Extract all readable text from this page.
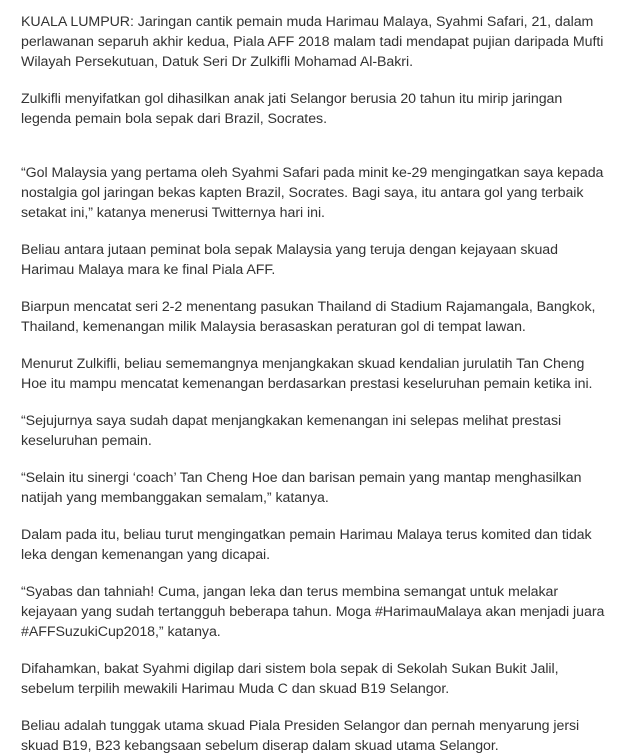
KUALA LUMPUR: Jaringan cantik pemain muda Harimau Malaya, Syahmi Safari, 21, dalam
perlawanan separuh akhir kedua, Piala AFF 2018 malam tadi mendapat pujian daripada Mufti
Wilayah Persekutuan, Datuk Seri Dr Zulkifli Mohamad Al-Bakri.

Zulkifli menyifatkan gol dihasilkan anak jati Selangor berusia 20 tahun itu mirip jaringan
legenda pemain bola sepak dari Brazil, Socrates.

“Gol Malaysia yang pertama oleh Syahmi Safari pada minit ke-29 mengingatkan saya kepada
nostalgia gol jaringan bekas kapten Brazil, Socrates. Bagi saya, itu antara gol yang terbaik
setakat ini,” katanya menerusi Twitternya hari ini.

Beliau antara jutaan peminat bola sepak Malaysia yang teruja dengan kejayaan skuad
Harimau Malaya mara ke final Piala AFF.

Biarpun mencatat seri 2-2 menentang pasukan Thailand di Stadium Rajamangala, Bangkok,
Thailand, kemenangan milik Malaysia berasaskan peraturan gol di tempat lawan.

Menurut Zulkifli, beliau sememangnya menjangkakan skuad kendalian jurulatih Tan Cheng
Hoe itu mampu mencatat kemenangan berdasarkan prestasi keseluruhan pemain ketika ini.

“Sejujurnya saya sudah dapat menjangkakan kemenangan ini selepas melihat prestasi
keseluruhan pemain.

“Selain itu sinergi ‘coach’ Tan Cheng Hoe dan barisan pemain yang mantap menghasilkan
natijah yang membanggakan semalam,” katanya.

Dalam pada itu, beliau turut mengingatkan pemain Harimau Malaya terus komited dan tidak
leka dengan kemenangan yang dicapai.

“Syabas dan tahniah! Cuma, jangan leka dan terus membina semangat untuk melakar
kejayaan yang sudah tertangguh beberapa tahun. Moga #HarimauMalaya akan menjadi juara
#AFFSuzukiCup2018,” katanya.

Difahamkan, bakat Syahmi digilap dari sistem bola sepak di Sekolah Sukan Bukit Jalil,
sebelum terpilih mewakili Harimau Muda C dan skuad B19 Selangor.

Beliau adalah tunggak utama skuad Piala Presiden Selangor dan pernah menyarung jersi
skuad B19, B23 kebangsaan sebelum diserap dalam skuad utama Selangor.
